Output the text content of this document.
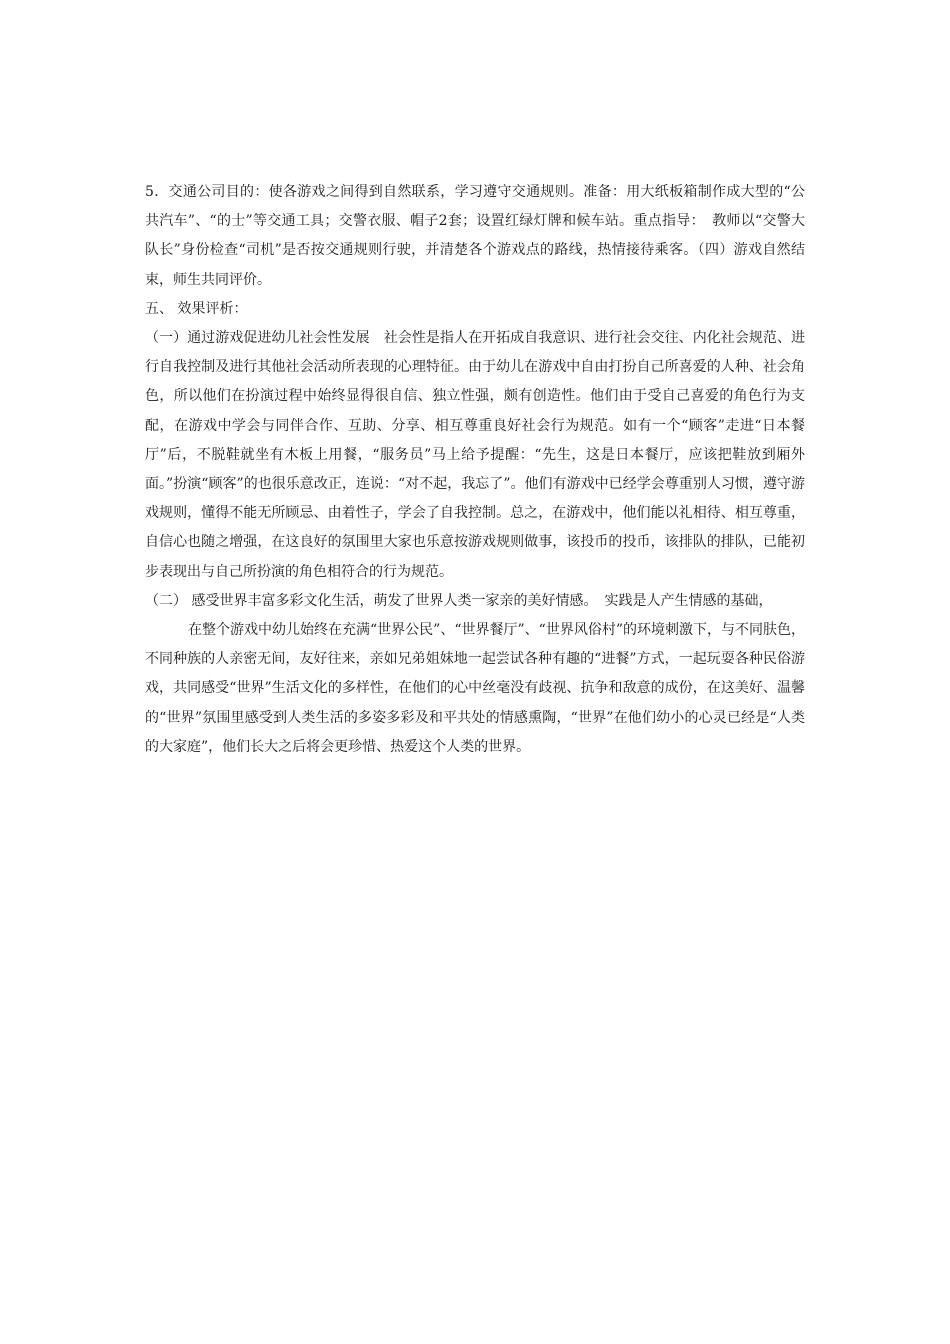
5．交通公司目的：使各游戏之间得到自然联系，学习遵守交通规则。准备：用大纸板箱制作成大型的“公共汽车”、“的士”等交通工具；交警衣服、帽子2套；设置红绿灯牌和候车站。重点指导：　教师以“交警大队长”身份检查“司机”是否按交通规则行驶，并清楚各个游戏点的路线，热情接待乘客。（四）游戏自然结束，师生共同评价。

五、 效果评析：

（一）通过游戏促进幼儿社会性发展　社会性是指人在开拓成自我意识、进行社会交往、内化社会规范、进行自我控制及进行其他社会活动所表现的心理特征。由于幼儿在游戏中自由打扮自己所喜爱的人种、社会角色，所以他们在扮演过程中始终显得很自信、独立性强，颇有创造性。他们由于受自己喜爱的角色行为支配，在游戏中学会与同伴合作、互助、分享、相互尊重良好社会行为规范。如有一个“顾客”走进“日本餐厅”后，不脱鞋就坐有木板上用餐，“服务员”马上给予提醒：“先生，这是日本餐厅，应该把鞋放到厢外面。”扮演“顾客”的也很乐意改正，连说：“对不起，我忘了”。他们有游戏中已经学会尊重别人习惯，遵守游戏规则，懂得不能无所顾忌、由着性子，学会了自我控制。总之，在游戏中，他们能以礼相待、相互尊重，自信心也随之增强，在这良好的氛围里大家也乐意按游戏规则做事，该投币的投币，该排队的排队，已能初步表现出与自己所扮演的角色相符合的行为规范。

（二） 感受世界丰富多彩文化生活，萌发了世界人类一家亲的美好情感。　实践是人产生情感的基础，

在整个游戏中幼儿始终在充满“世界公民”、“世界餐厅”、“世界风俗村”的环境刺激下，与不同肤色，不同种族的人亲密无间，友好往来，亲如兄弟姐妹地一起尝试各种有趣的“进餐”方式，一起玩耍各种民俗游戏，共同感受“世界”生活文化的多样性，在他们的心中丝毫没有歧视、抗争和敌意的成份，在这美好、温馨的“世界”氛围里感受到人类生活的多姿多彩及和平共处的情感熏陶，“世界”在他们幼小的心灵已经是“人类的大家庭”，他们长大之后将会更珍惜、热爱这个人类的世界。
